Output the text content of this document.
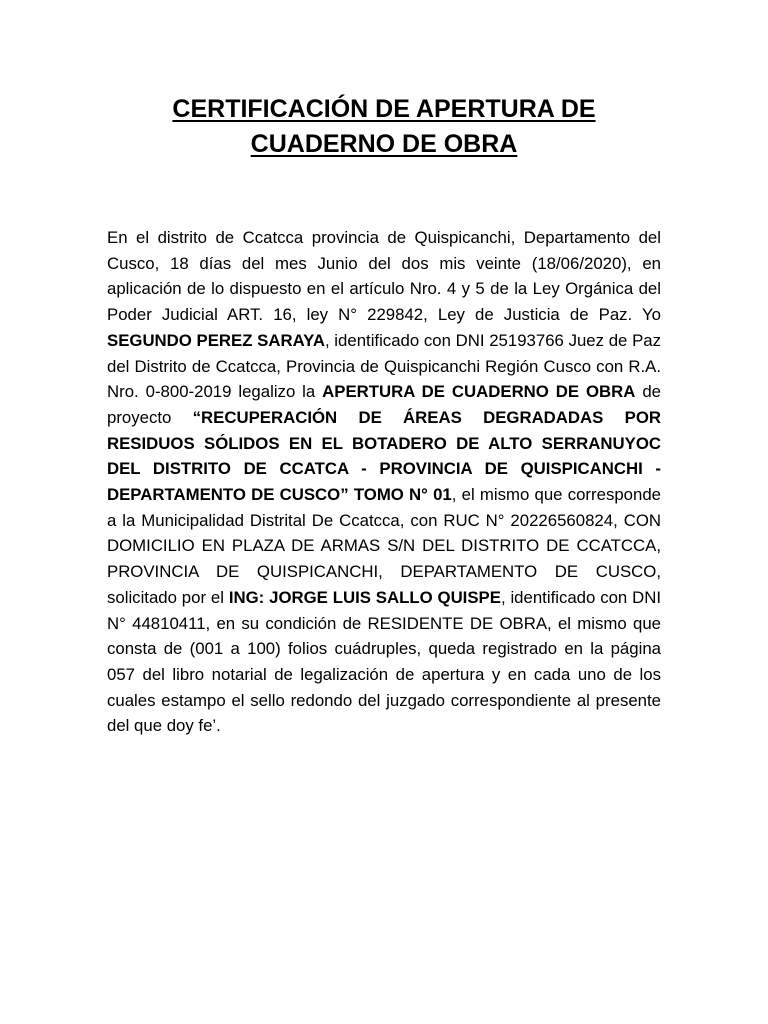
CERTIFICACIÓN DE APERTURA DE
CUADERNO DE OBRA
En el distrito de Ccatcca provincia de Quispicanchi, Departamento del Cusco, 18 días del mes Junio del dos mis veinte (18/06/2020), en aplicación de lo dispuesto en el artículo Nro. 4 y 5 de la Ley Orgánica del Poder Judicial ART. 16, ley N° 229842, Ley de Justicia de Paz. Yo SEGUNDO PEREZ SARAYA, identificado con DNI 25193766 Juez de Paz del Distrito de Ccatcca, Provincia de Quispicanchi Región Cusco con R.A. Nro. 0-800-2019 legalizo la APERTURA DE CUADERNO DE OBRA de proyecto “RECUPERACIÓN DE ÁREAS DEGRADADAS POR RESIDUOS SÓLIDOS EN EL BOTADERO DE ALTO SERRANUYOC DEL DISTRITO DE CCATCA - PROVINCIA DE QUISPICANCHI - DEPARTAMENTO DE CUSCO” TOMO N° 01, el mismo que corresponde a la Municipalidad Distrital De Ccatcca, con RUC N° 20226560824, CON DOMICILIO EN PLAZA DE ARMAS S/N DEL DISTRITO DE CCATCCA, PROVINCIA DE QUISPICANCHI, DEPARTAMENTO DE CUSCO, solicitado por el ING: JORGE LUIS SALLO QUISPE, identificado con DNI N° 44810411, en su condición de RESIDENTE DE OBRA, el mismo que consta de (001 a 100) folios cuádruples, queda registrado en la página 057 del libro notarial de legalización de apertura y en cada uno de los cuales estampo el sello redondo del juzgado correspondiente al presente del que doy fe’.
